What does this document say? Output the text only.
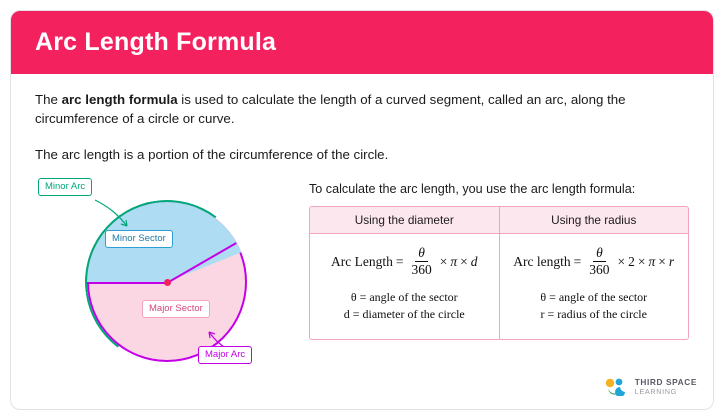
Arc Length Formula

The arc length formula is used to calculate the length of a curved segment, called an arc, along the circumference of a circle or curve.

The arc length is a portion of the circumference of the circle.

Minor Arc
Minor Sector
Major Sector
Major Arc
To calculate the arc length, you use the arc length formula:
Using the diameter	Using the radius
Arc Length = $\frac{\theta}{360} \times \pi \times d$
θ = angle of the sector
d = diameter of the circle
Arc length = $\frac{\theta}{360} \times 2 \times \pi \times r$
θ = angle of the sector
r = radius of the circle
THIRD SPACE
LEARNING
